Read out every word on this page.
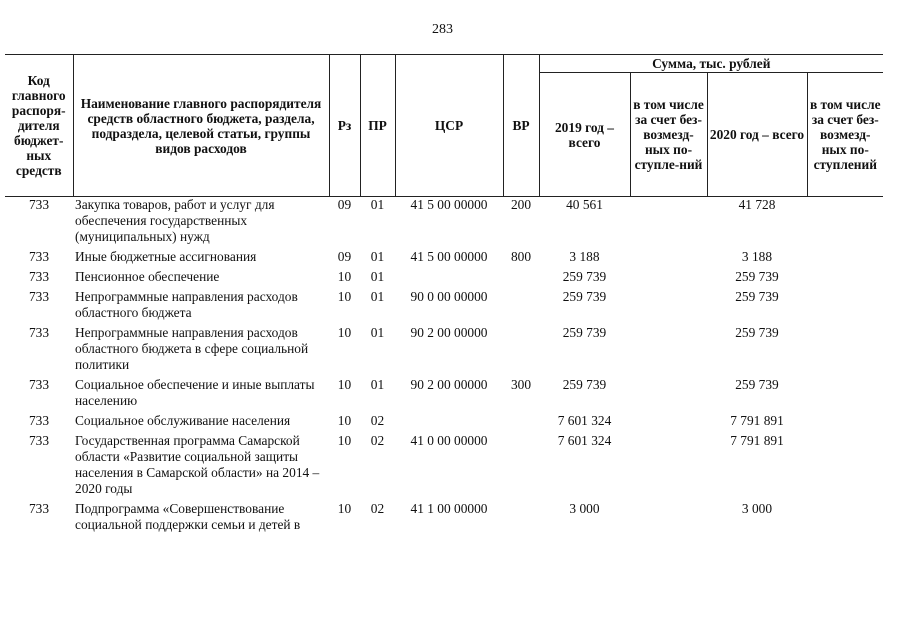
283
Код главного распоря-дителя бюджет-ных средств	Наименование главного распорядителя средств областного бюджета, раздела, подраздела, целевой статьи, группы видов расходов	Рз	ПР	ЦСР	ВР	Сумма, тыс. рублей			
						2019 год – всего	в том числе за счет без-возмезд-ных по-ступле-ний	2020 год – всего	в том числе за счет без-возмезд-ных по-ступлений
733	Закупка товаров, работ и услуг для обеспечения государственных (муниципальных) нужд	09	01	41 5 00 00000	200	40 561		41 728	
733	Иные бюджетные ассигнования	09	01	41 5 00 00000	800	3 188		3 188	
733	Пенсионное обеспечение	10	01			259 739		259 739	
733	Непрограммные направления расходов областного бюджета	10	01	90 0 00 00000		259 739		259 739	
733	Непрограммные направления расходов областного бюджета в сфере социальной политики	10	01	90 2 00 00000		259 739		259 739	
733	Социальное обеспечение и иные выплаты населению	10	01	90 2 00 00000	300	259 739		259 739	
733	Социальное обслуживание населения	10	02			7 601 324		7 791 891	
733	Государственная программа Самарской области «Развитие социальной защиты населения в Самарской области» на 2014 – 2020 годы	10	02	41 0 00 00000		7 601 324		7 791 891	
733	Подпрограмма «Совершенствование социальной поддержки семьи и детей в	10	02	41 1 00 00000		3 000		3 000	
